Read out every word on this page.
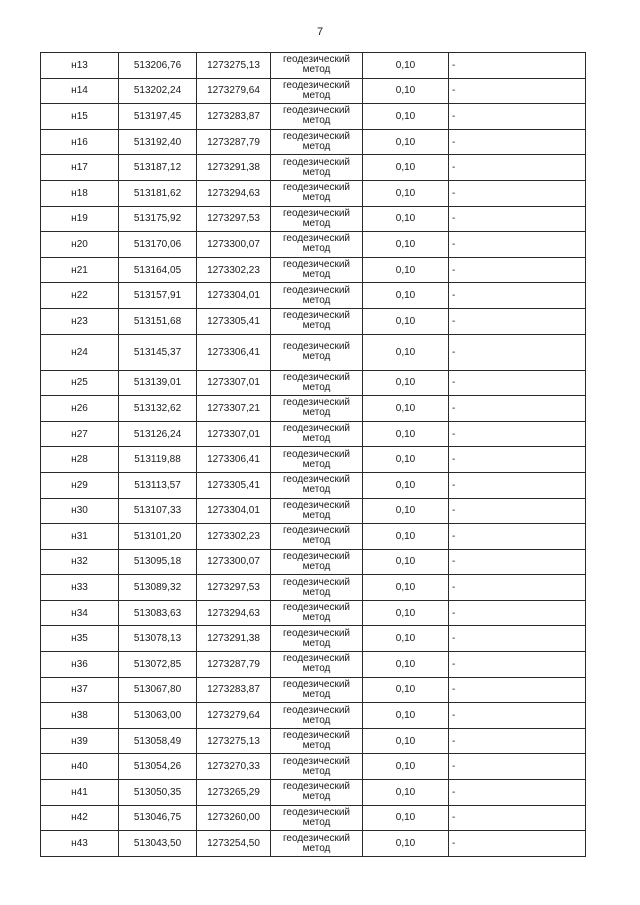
7
н13	513206,76	1273275,13	геодезический метод	0,10	-
н14	513202,24	1273279,64	геодезический метод	0,10	-
н15	513197,45	1273283,87	геодезический метод	0,10	-
н16	513192,40	1273287,79	геодезический метод	0,10	-
н17	513187,12	1273291,38	геодезический метод	0,10	-
н18	513181,62	1273294,63	геодезический метод	0,10	-
н19	513175,92	1273297,53	геодезический метод	0,10	-
н20	513170,06	1273300,07	геодезический метод	0,10	-
н21	513164,05	1273302,23	геодезический метод	0,10	-
н22	513157,91	1273304,01	геодезический метод	0,10	-
н23	513151,68	1273305,41	геодезический метод	0,10	-
н24	513145,37	1273306,41	геодезический метод	0,10	-
н25	513139,01	1273307,01	геодезический метод	0,10	-
н26	513132,62	1273307,21	геодезический метод	0,10	-
н27	513126,24	1273307,01	геодезический метод	0,10	-
н28	513119,88	1273306,41	геодезический метод	0,10	-
н29	513113,57	1273305,41	геодезический метод	0,10	-
н30	513107,33	1273304,01	геодезический метод	0,10	-
н31	513101,20	1273302,23	геодезический метод	0,10	-
н32	513095,18	1273300,07	геодезический метод	0,10	-
н33	513089,32	1273297,53	геодезический метод	0,10	-
н34	513083,63	1273294,63	геодезический метод	0,10	-
н35	513078,13	1273291,38	геодезический метод	0,10	-
н36	513072,85	1273287,79	геодезический метод	0,10	-
н37	513067,80	1273283,87	геодезический метод	0,10	-
н38	513063,00	1273279,64	геодезический метод	0,10	-
н39	513058,49	1273275,13	геодезический метод	0,10	-
н40	513054,26	1273270,33	геодезический метод	0,10	-
н41	513050,35	1273265,29	геодезический метод	0,10	-
н42	513046,75	1273260,00	геодезический метод	0,10	-
н43	513043,50	1273254,50	геодезический метод	0,10	-
